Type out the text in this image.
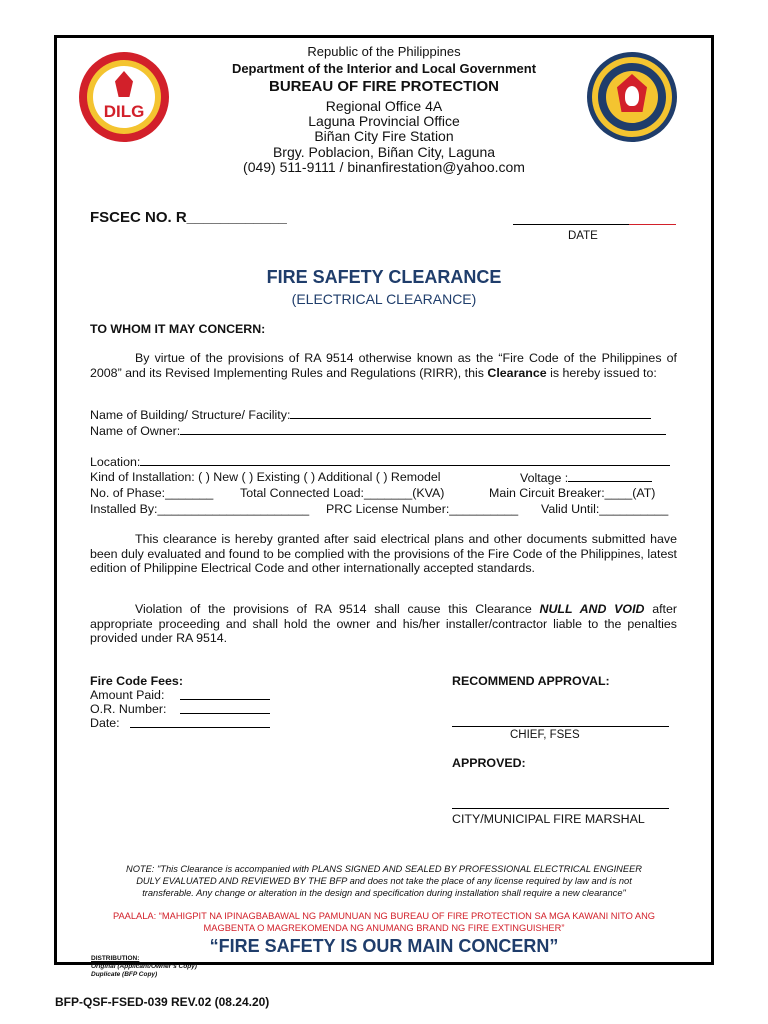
DILG
Republic of the Philippines
Department of the Interior and Local Government
BUREAU OF FIRE PROTECTION
Regional Office 4A
Laguna Provincial Office
Biñan City Fire Station
Brgy. Poblacion, Biñan City, Laguna
(049) 511-9111 / binanfirestation@yahoo.com
FSCEC NO. R____________
DATE
FIRE SAFETY CLEARANCE
(ELECTRICAL CLEARANCE)
TO WHOM IT MAY CONCERN:
By virtue of the provisions of RA 9514 otherwise known as the “Fire Code of the Philippines of 2008” and its Revised Implementing Rules and Regulations (RIRR), this Clearance is hereby issued to:
Name of Building/ Structure/ Facility:
Name of Owner:
Location:
Kind of Installation: ( ) New ( ) Existing ( ) Additional ( ) Remodel	Voltage :
No. of Phase:_______ Total Connected Load:_______(KVA)	Main Circuit Breaker:____(AT)
Installed By:______________________ PRC License Number:__________ Valid Until:__________
This clearance is hereby granted after said electrical plans and other documents submitted have been duly evaluated and found to be complied with the provisions of the Fire Code of the Philippines, latest edition of Philippine Electrical Code and other internationally accepted standards.
Violation of the provisions of RA 9514 shall cause this Clearance NULL AND VOID after appropriate proceeding and shall hold the owner and his/her installer/contractor liable to the penalties provided under RA 9514.
Fire Code Fees:
Amount Paid:
O.R. Number:
Date:
RECOMMEND APPROVAL:
CHIEF, FSES
APPROVED:
CITY/MUNICIPAL FIRE MARSHAL
NOTE: "This Clearance is accompanied with PLANS SIGNED AND SEALED BY PROFESSIONAL ELECTRICAL ENGINEER
DULY EVALUATED AND REVIEWED BY THE BFP and does not take the place of any license required by law and is not
transferable. Any change or alteration in the design and specification during installation shall require a new clearance"
PAALALA: “MAHIGPIT NA IPINAGBABAWAL NG PAMUNUAN NG BUREAU OF FIRE PROTECTION SA MGA KAWANI NITO ANG
MAGBENTA O MAGREKOMENDA NG ANUMANG BRAND NG FIRE EXTINGUISHER”
“FIRE SAFETY IS OUR MAIN CONCERN”
DISTRIBUTION:
Original (Applicant/Owner’s Copy)
Duplicate (BFP Copy)
BFP-QSF-FSED-039 REV.02 (08.24.20)
